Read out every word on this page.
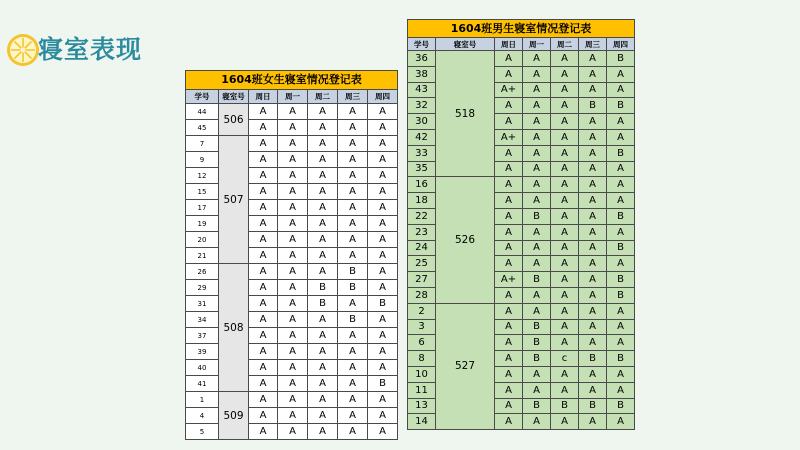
寝室表现
1604班女生寝室情况登记表
学号	寝室号	周日	周一	周二	周三	周四
44	506	A	A	A	A	A
45		A	A	A	A	A
7	507	A	A	A	A	A
9		A	A	A	A	A
12		A	A	A	A	A
15		A	A	A	A	A
17		A	A	A	A	A
19		A	A	A	A	A
20		A	A	A	A	A
21		A	A	A	A	A
26	508	A	A	A	B	A
29		A	A	B	B	A
31		A	A	B	A	B
34		A	A	A	B	A
37		A	A	A	A	A
39		A	A	A	A	A
40		A	A	A	A	A
41		A	A	A	A	B
1	509	A	A	A	A	A
4		A	A	A	A	A
5		A	A	A	A	A
1604班男生寝室情况登记表
学号	寝室号	周日	周一	周二	周三	周四
36	518	A	A	A	A	B
38		A	A	A	A	A
43		A+	A	A	A	A
32		A	A	A	B	B
30		A	A	A	A	A
42		A+	A	A	A	A
33		A	A	A	A	B
35		A	A	A	A	A
16	526	A	A	A	A	A
18		A	A	A	A	A
22		A	B	A	A	B
23		A	A	A	A	A
24		A	A	A	A	B
25		A	A	A	A	A
27		A+	B	A	A	B
28		A	A	A	A	B
2	527	A	A	A	A	A
3		A	B	A	A	A
6		A	B	A	A	A
8		A	B	c	B	B
10		A	A	A	A	A
11		A	A	A	A	A
13		A	B	B	B	B
14		A	A	A	A	A
